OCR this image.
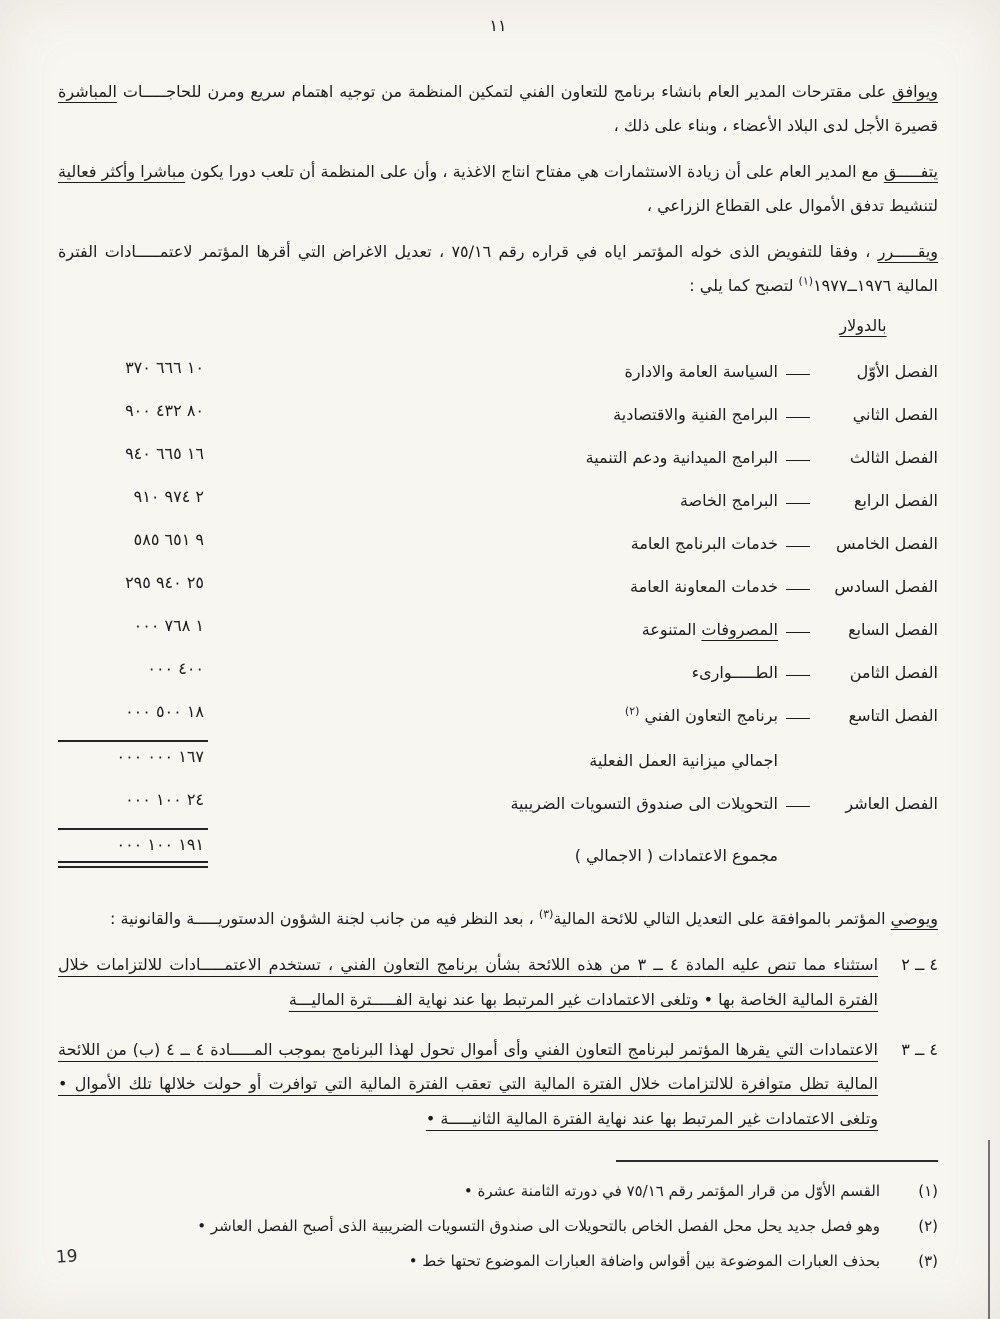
١١

ويوافق على مقترحات المدير العام بانشاء برنامج للتعاون الفني لتمكين المنظمة من توجيه اهتمام سريع ومرن للحاجـــــات المباشرة قصيرة الأجل لدى البلاد الأعضاء ، وبناء على ذلك ،

يتفـــــق مع المدير العام على أن زيادة الاستثمارات هي مفتاح انتاج الاغذية ، وأن على المنظمة أن تلعب دورا يكون مباشرا وأكثر فعالية لتنشيط تدفق الأموال على القطاع الزراعي ،

ويقـــــرر ، وفقا للتفويض الذى خوله المؤتمر اياه في قراره رقم ٧٥/١٦ ، تعديل الاغراض التي أقرها المؤتمر لاعتمـــــادات الفترة المالية ١٩٧٦ــ١٩٧٧$^{(١)}$ لتصبح كما يلي :

بالدولار
الفصل الأوّل
السياسة العامة والادارة
١٠ ٦٦٦ ٣٧٠
الفصل الثاني
البرامج الفنية والاقتصادية
٨٠ ٤٣٢ ٩٠٠
الفصل الثالث
البرامج الميدانية ودعم التنمية
١٦ ٦٦٥ ٩٤٠
الفصل الرابع
البرامج الخاصة
٢ ٩٧٤ ٩١٠
الفصل الخامس
خدمات البرنامج العامة
٩ ٦٥١ ٥٨٥
الفصل السادس
خدمات المعاونة العامة
٢٥ ٩٤٠ ٢٩٥
الفصل السابع
المصروفات المتنوعة
١ ٧٦٨ ٠٠٠
الفصل الثامن
الطـــــوارىء
٤٠٠ ٠٠٠
الفصل التاسع
برنامج التعاون الفني $^{(٢)}$
١٨ ٥٠٠ ٠٠٠
اجمالي ميزانية العمل الفعلية
١٦٧ ٠٠٠ ٠٠٠
الفصل العاشر
التحويلات الى صندوق التسويات الضريبية
٢٤ ١٠٠ ٠٠٠
مجموع الاعتمادات ( الاجمالي )
١٩١ ١٠٠ ٠٠٠

ويوصي المؤتمر بالموافقة على التعديل التالي للائحة المالية$^{(٣)}$ ، بعد النظر فيه من جانب لجنة الشؤون الدستوريـــــة والقانونية :

٤ ــ ٢
استثناء مما تنص عليه المادة ٤ ــ ٣ من هذه اللائحة بشأن برنامج التعاون الفني ، تستخدم الاعتمـــــادات للالتزامات خلال الفترة المالية الخاصة بها • وتلغى الاعتمادات غير المرتبط بها عند نهاية الفـــــترة الماليـــة
٤ ــ ٣
الاعتمادات التي يقرها المؤتمر لبرنامج التعاون الفني وأى أموال تحول لهذا البرنامج بموجب المـــــادة ٤ ــ ٤ (ب) من اللائحة المالية تظل متوافرة للالتزامات خلال الفترة المالية التي تعقب الفترة المالية التي توافرت أو حولت خلالها تلك الأموال • وتلغى الاعتمادات غير المرتبط بها عند نهاية الفترة المالية الثانيـــــة •
(١)
القسم الأوّل من قرار المؤتمر رقم ٧٥/١٦ في دورته الثامنة عشرة •
(٢)
وهو فصل جديد يحل محل الفصل الخاص بالتحويلات الى صندوق التسويات الضريبية الذى أصبح الفصل العاشر •
(٣)
بحذف العبارات الموضوعة بين أقواس واضافة العبارات الموضوع تحتها خط •
19
